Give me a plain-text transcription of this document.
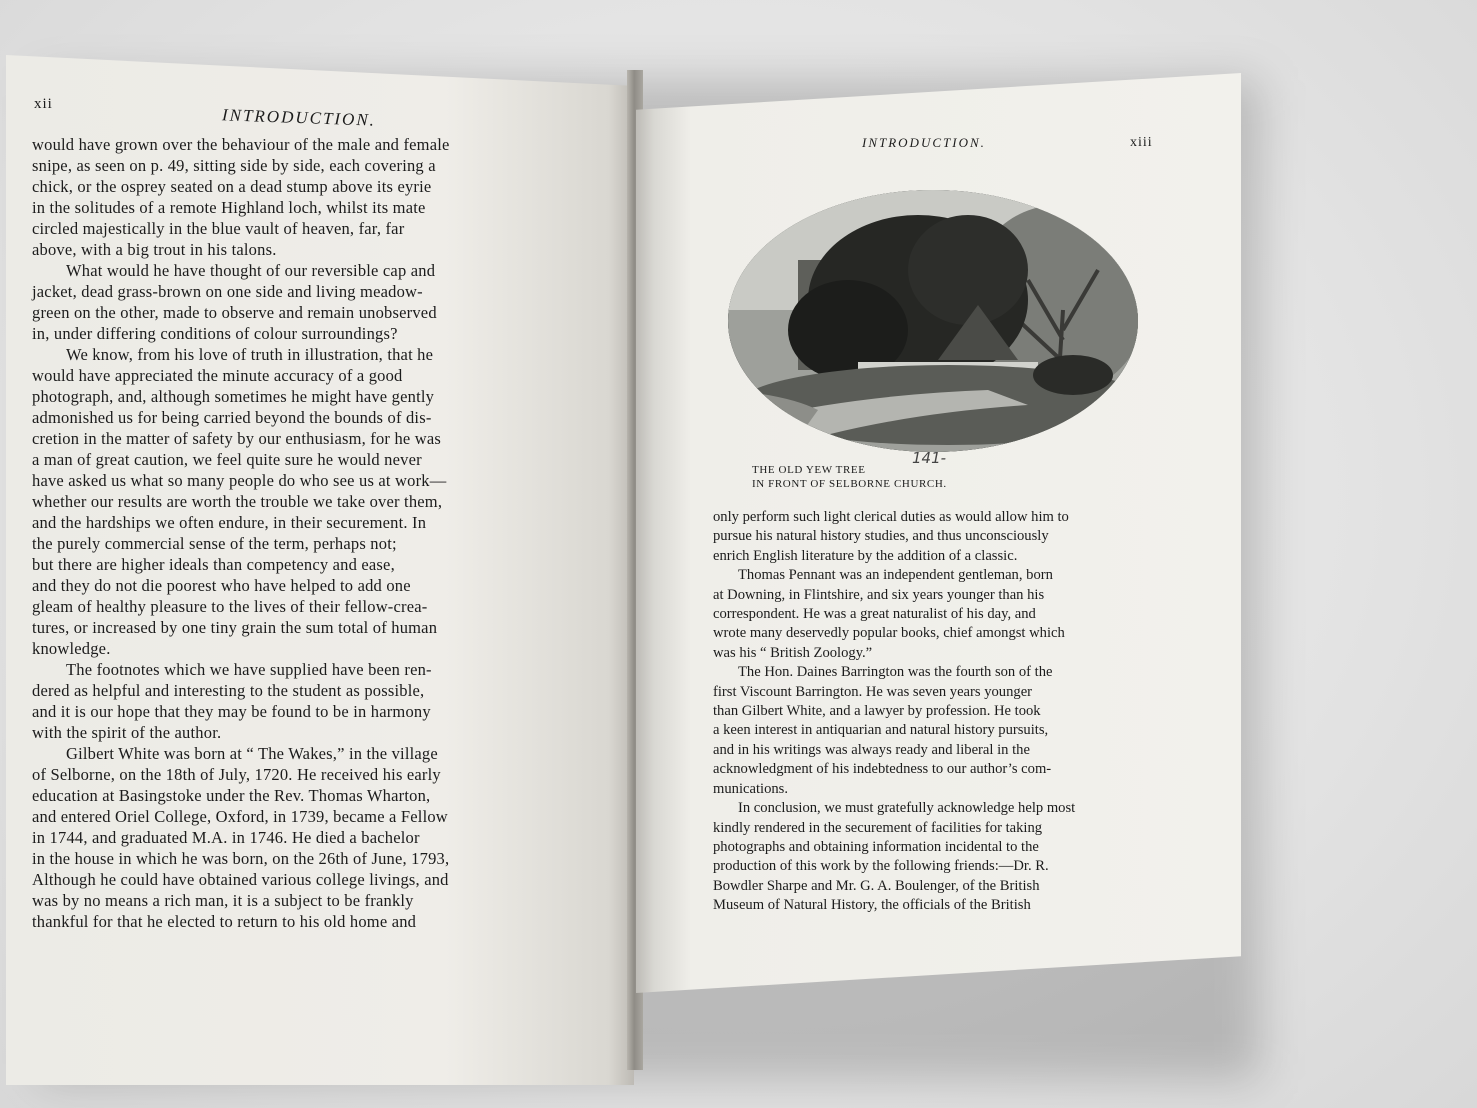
xii
INTRODUCTION.
would have grown over the behaviour of the male and female
snipe, as seen on p. 49, sitting side by side, each covering a
chick, or the osprey seated on a dead stump above its eyrie
in the solitudes of a remote Highland loch, whilst its mate
circled majestically in the blue vault of heaven, far, far
above, with a big trout in his talons.
What would he have thought of our reversible cap and
jacket, dead grass-brown on one side and living meadow-
green on the other, made to observe and remain unobserved
in, under differing conditions of colour surroundings?
We know, from his love of truth in illustration, that he
would have appreciated the minute accuracy of a good
photograph, and, although sometimes he might have gently
admonished us for being carried beyond the bounds of dis-
cretion in the matter of safety by our enthusiasm, for he was
a man of great caution, we feel quite sure he would never
have asked us what so many people do who see us at work—
whether our results are worth the trouble we take over them,
and the hardships we often endure, in their securement. In
the purely commercial sense of the term, perhaps not;
but there are higher ideals than competency and ease,
and they do not die poorest who have helped to add one
gleam of healthy pleasure to the lives of their fellow-crea-
tures, or increased by one tiny grain the sum total of human
knowledge.
The footnotes which we have supplied have been ren-
dered as helpful and interesting to the student as possible,
and it is our hope that they may be found to be in harmony
with the spirit of the author.
Gilbert White was born at “ The Wakes,” in the village
of Selborne, on the 18th of July, 1720. He received his early
education at Basingstoke under the Rev. Thomas Wharton,
and entered Oriel College, Oxford, in 1739, became a Fellow
in 1744, and graduated M.A. in 1746. He died a bachelor
in the house in which he was born, on the 26th of June, 1793,
Although he could have obtained various college livings, and
was by no means a rich man, it is a subject to be frankly
thankful for that he elected to return to his old home and
INTRODUCTION.	xiii
THE OLD YEW TREE
IN FRONT OF SELBORNE CHURCH.
141-
only perform such light clerical duties as would allow him to
pursue his natural history studies, and thus unconsciously
enrich English literature by the addition of a classic.
Thomas Pennant was an independent gentleman, born
at Downing, in Flintshire, and six years younger than his
correspondent. He was a great naturalist of his day, and
wrote many deservedly popular books, chief amongst which
was his “ British Zoology.”
The Hon. Daines Barrington was the fourth son of the
first Viscount Barrington. He was seven years younger
than Gilbert White, and a lawyer by profession. He took
a keen interest in antiquarian and natural history pursuits,
and in his writings was always ready and liberal in the
acknowledgment of his indebtedness to our author’s com-
munications.
In conclusion, we must gratefully acknowledge help most
kindly rendered in the securement of facilities for taking
photographs and obtaining information incidental to the
production of this work by the following friends:—Dr. R.
Bowdler Sharpe and Mr. G. A. Boulenger, of the British
Museum of Natural History, the officials of the British
